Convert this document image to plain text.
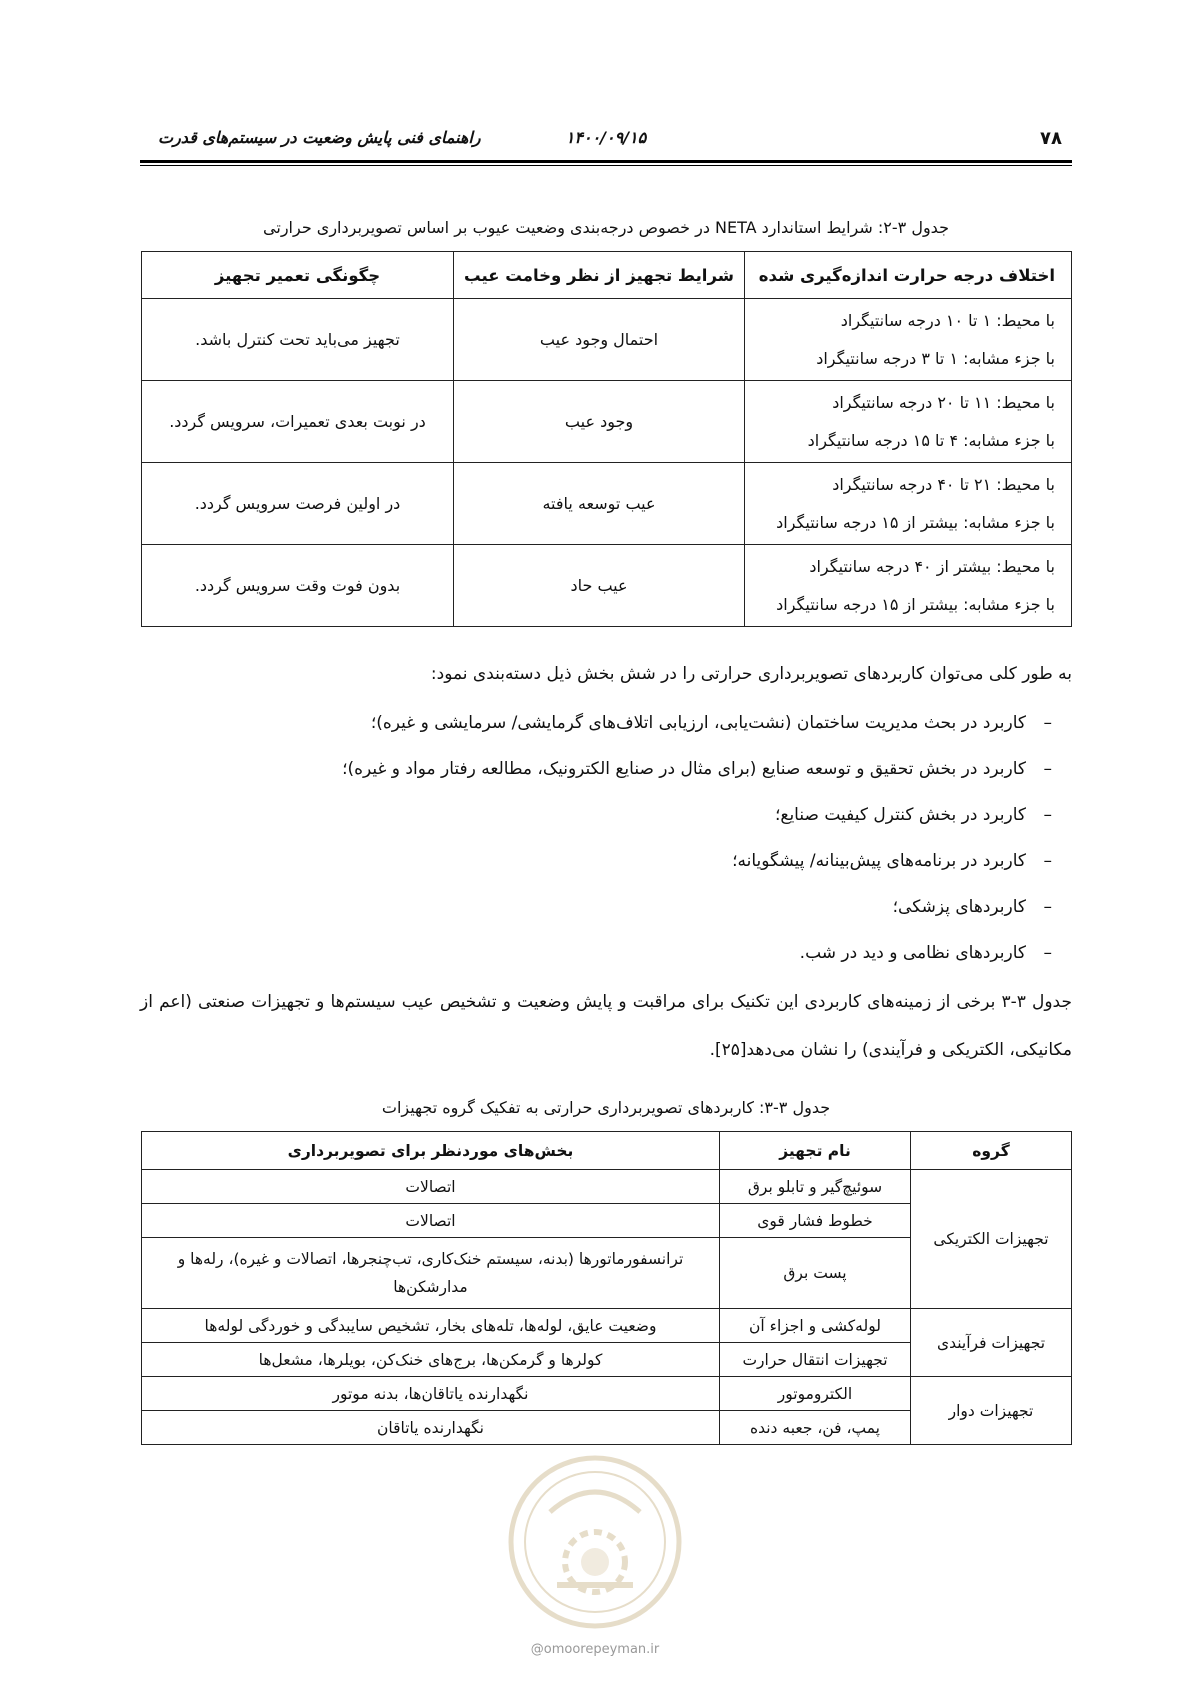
۷۸
۱۴۰۰/۰۹/۱۵
راهنمای فنی پایش وضعیت در سیستم‌های قدرت
جدول ۳-۲: شرایط استاندارد NETA در خصوص درجه‌بندی وضعیت عیوب بر اساس تصویربرداری حرارتی
اختلاف درجه حرارت اندازه‌گیری شده	شرایط تجهیز از نظر وخامت عیب	چگونگی تعمیر تجهیز

با محیط: ۱ تا ۱۰ درجه سانتیگراد
با جزء مشابه: ۱ تا ۳ درجه سانتیگراد	احتمال وجود عیب	تجهیز می‌باید تحت کنترل باشد.

با محیط: ۱۱ تا ۲۰ درجه سانتیگراد
با جزء مشابه: ۴ تا ۱۵ درجه سانتیگراد	وجود عیب	در نوبت بعدی تعمیرات، سرویس گردد.

با محیط: ۲۱ تا ۴۰ درجه سانتیگراد
با جزء مشابه: بیشتر از ۱۵ درجه سانتیگراد	عیب توسعه یافته	در اولین فرصت سرویس گردد.

با محیط: بیشتر از ۴۰ درجه سانتیگراد
با جزء مشابه: بیشتر از ۱۵ درجه سانتیگراد	عیب حاد	بدون فوت وقت سرویس گردد.
به طور کلی می‌توان کاربردهای تصویربرداری حرارتی را در شش بخش ذیل دسته‌بندی نمود:
–کاربرد در بحث مدیریت ساختمان (نشت‌یابی، ارزیابی اتلاف‌های گرمایشی/ سرمایشی و غیره)؛
–کاربرد در بخش تحقیق و توسعه صنایع (برای مثال در صنایع الکترونیک، مطالعه رفتار مواد و غیره)؛
–کاربرد در بخش کنترل کیفیت صنایع؛
–کاربرد در برنامه‌های پیش‌بینانه/ پیشگویانه؛
–کاربردهای پزشکی؛
–کاربردهای نظامی و دید در شب.
جدول ۳-۳ برخی از زمینه‌های کاربردی این تکنیک برای مراقبت و پایش وضعیت و تشخیص عیب سیستم‌ها و تجهیزات صنعتی (اعم از مکانیکی، الکتریکی و فرآیندی) را نشان می‌دهد[۲۵].
جدول ۳-۳: کاربردهای تصویربرداری حرارتی به تفکیک گروه تجهیزات
گروه	نام تجهیز	بخش‌های موردنظر برای تصویربرداری
تجهیزات الکتریکی	سوئیچ‌گیر و تابلو برق	اتصالات
	خطوط فشار قوی	اتصالات
	پست برق	ترانسفورماتورها (بدنه، سیستم خنک‌کاری، تب‌چنجرها، اتصالات و غیره)، رله‌ها و مدارشکن‌ها
تجهیزات فرآیندی	لوله‌کشی و اجزاء آن	وضعیت عایق، لوله‌ها، تله‌های بخار، تشخیص سایبدگی و خوردگی لوله‌ها
	تجهیزات انتقال حرارت	کولرها و گرمکن‌ها، برج‌های خنک‌کن، بویلرها، مشعل‌ها
تجهیزات دوار	الکتروموتور	نگهدارنده یاتاقان‌ها، بدنه موتور
	پمپ، فن، جعبه دنده	نگهدارنده یاتاقان
@omoorepeyman.ir
